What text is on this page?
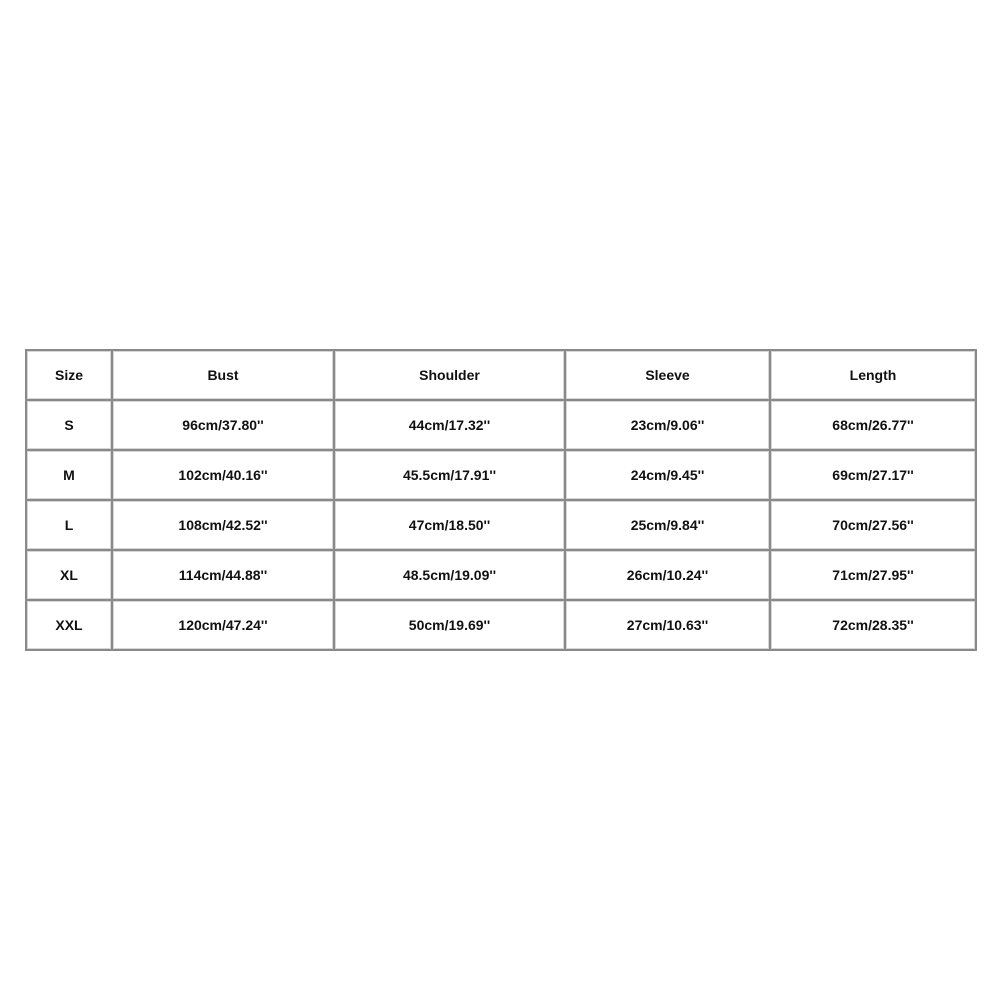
Size	Bust	Shoulder	Sleeve	Length
S	96cm/37.80''	44cm/17.32''	23cm/9.06''	68cm/26.77''
M	102cm/40.16''	45.5cm/17.91''	24cm/9.45''	69cm/27.17''
L	108cm/42.52''	47cm/18.50''	25cm/9.84''	70cm/27.56''
XL	114cm/44.88''	48.5cm/19.09''	26cm/10.24''	71cm/27.95''
XXL	120cm/47.24''	50cm/19.69''	27cm/10.63''	72cm/28.35''
